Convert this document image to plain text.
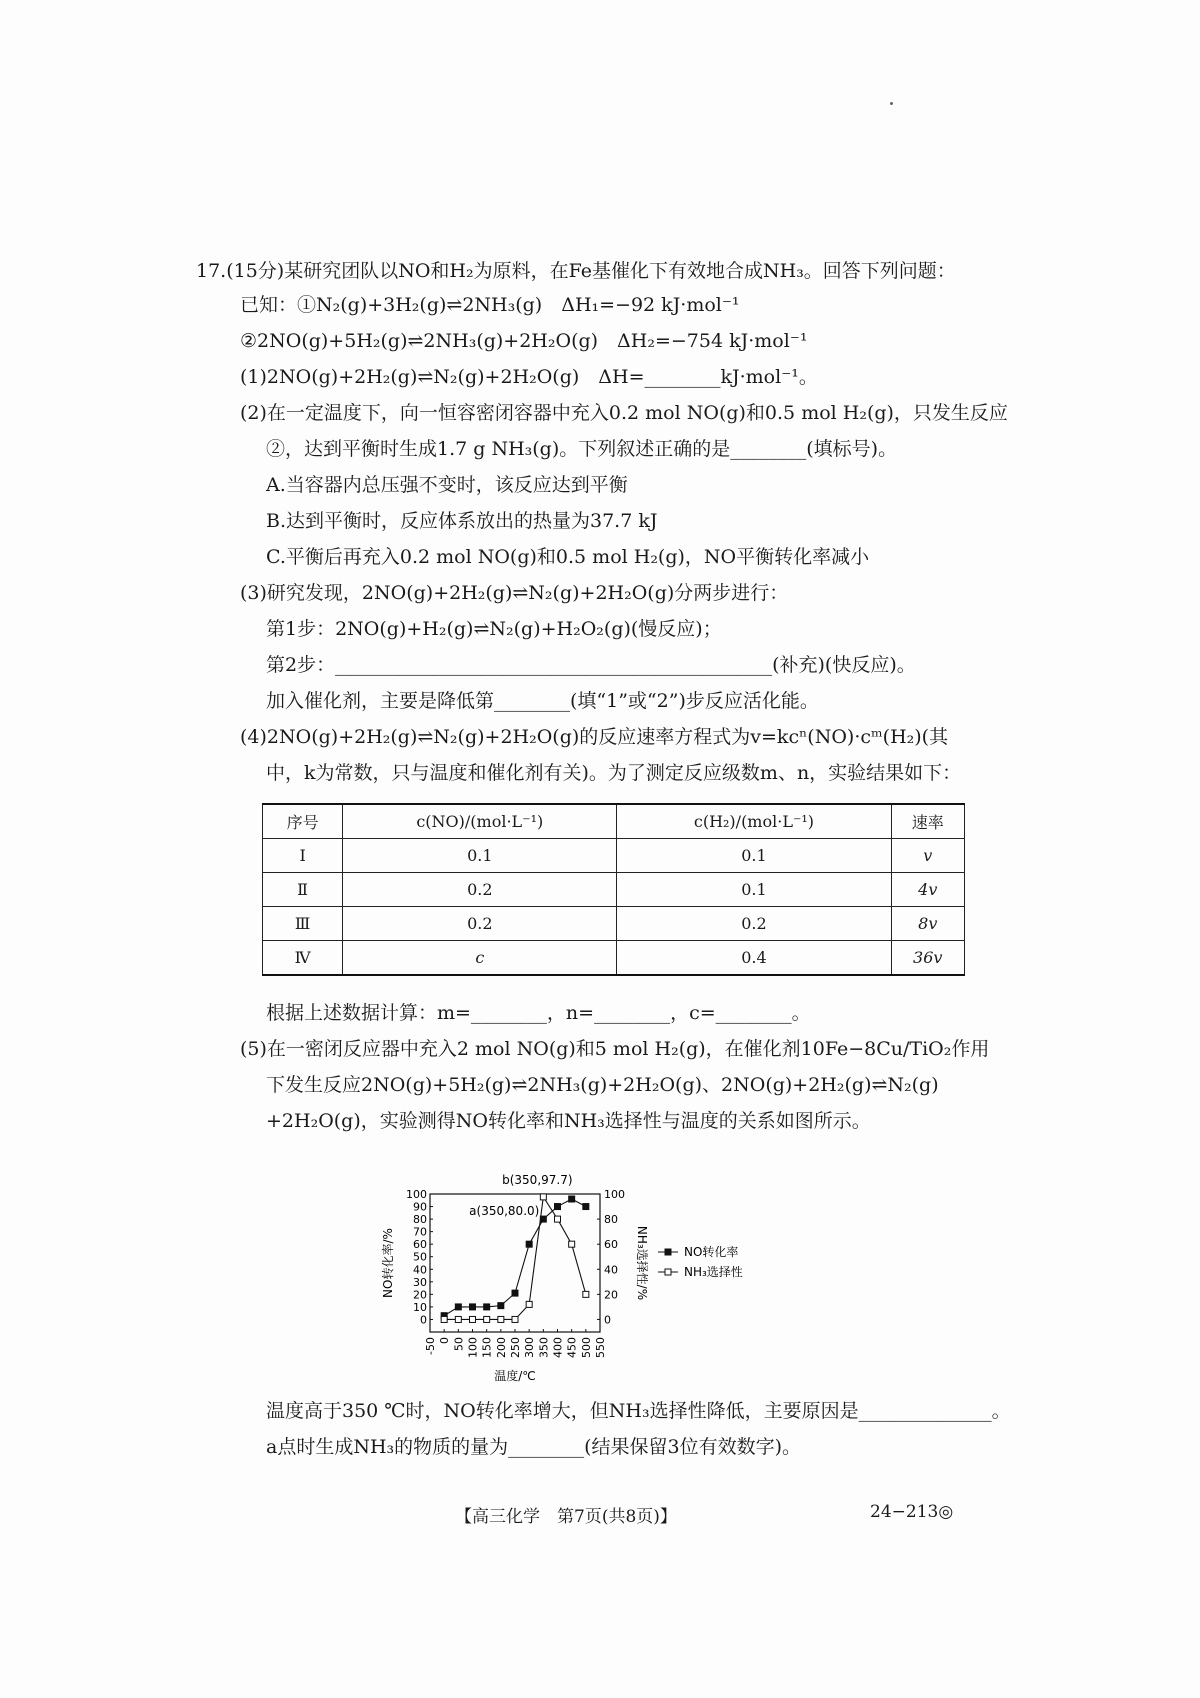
17.(15分)某研究团队以NO和H₂为原料，在Fe基催化下有效地合成NH₃。回答下列问题：
已知：①N₂(g)+3H₂(g)⇌2NH₃(g)　ΔH₁=−92 kJ·mol⁻¹
②2NO(g)+5H₂(g)⇌2NH₃(g)+2H₂O(g)　ΔH₂=−754 kJ·mol⁻¹
(1)2NO(g)+2H₂(g)⇌N₂(g)+2H₂O(g)　ΔH=________kJ·mol⁻¹。
(2)在一定温度下，向一恒容密闭容器中充入0.2 mol NO(g)和0.5 mol H₂(g)，只发生反应
②，达到平衡时生成1.7 g NH₃(g)。下列叙述正确的是________(填标号)。
A.当容器内总压强不变时，该反应达到平衡
B.达到平衡时，反应体系放出的热量为37.7 kJ
C.平衡后再充入0.2 mol NO(g)和0.5 mol H₂(g)，NO平衡转化率减小
(3)研究发现，2NO(g)+2H₂(g)⇌N₂(g)+2H₂O(g)分两步进行：
第1步：2NO(g)+H₂(g)⇌N₂(g)+H₂O₂(g)(慢反应)；
第2步：______________________________________________(补充)(快反应)。
加入催化剂，主要是降低第________(填“1”或“2”)步反应活化能。
(4)2NO(g)+2H₂(g)⇌N₂(g)+2H₂O(g)的反应速率方程式为v=kcⁿ(NO)·cᵐ(H₂)(其
中，k为常数，只与温度和催化剂有关)。为了测定反应级数m、n，实验结果如下：
序号	c(NO)/(mol·L⁻¹)	c(H₂)/(mol·L⁻¹)	速率
Ⅰ	0.1	0.1	v
Ⅱ	0.2	0.1	4v
Ⅲ	0.2	0.2	8v
Ⅳ	c	0.4	36v
根据上述数据计算：m=________，n=________，c=________。
(5)在一密闭反应器中充入2 mol NO(g)和5 mol H₂(g)，在催化剂10Fe−8Cu/TiO₂作用
下发生反应2NO(g)+5H₂(g)⇌2NH₃(g)+2H₂O(g)、2NO(g)+2H₂(g)⇌N₂(g)
+2H₂O(g)，实验测得NO转化率和NH₃选择性与温度的关系如图所示。
-50 0 50 100 150 200 250 300 350 400 450 500 550
0
10
20
30
40
50
60
70
80
90
100
0
20
40
60
80
100
温度/℃
NO转化率/%	NH₃选择性/%
a(350,80.0)
b(350,97.7)
NO转化率
NH₃选择性
温度高于350 ℃时，NO转化率增大，但NH₃选择性降低，主要原因是______________。
a点时生成NH₃的物质的量为________(结果保留3位有效数字)。
【高三化学　第7页(共8页)】	24−213◎
